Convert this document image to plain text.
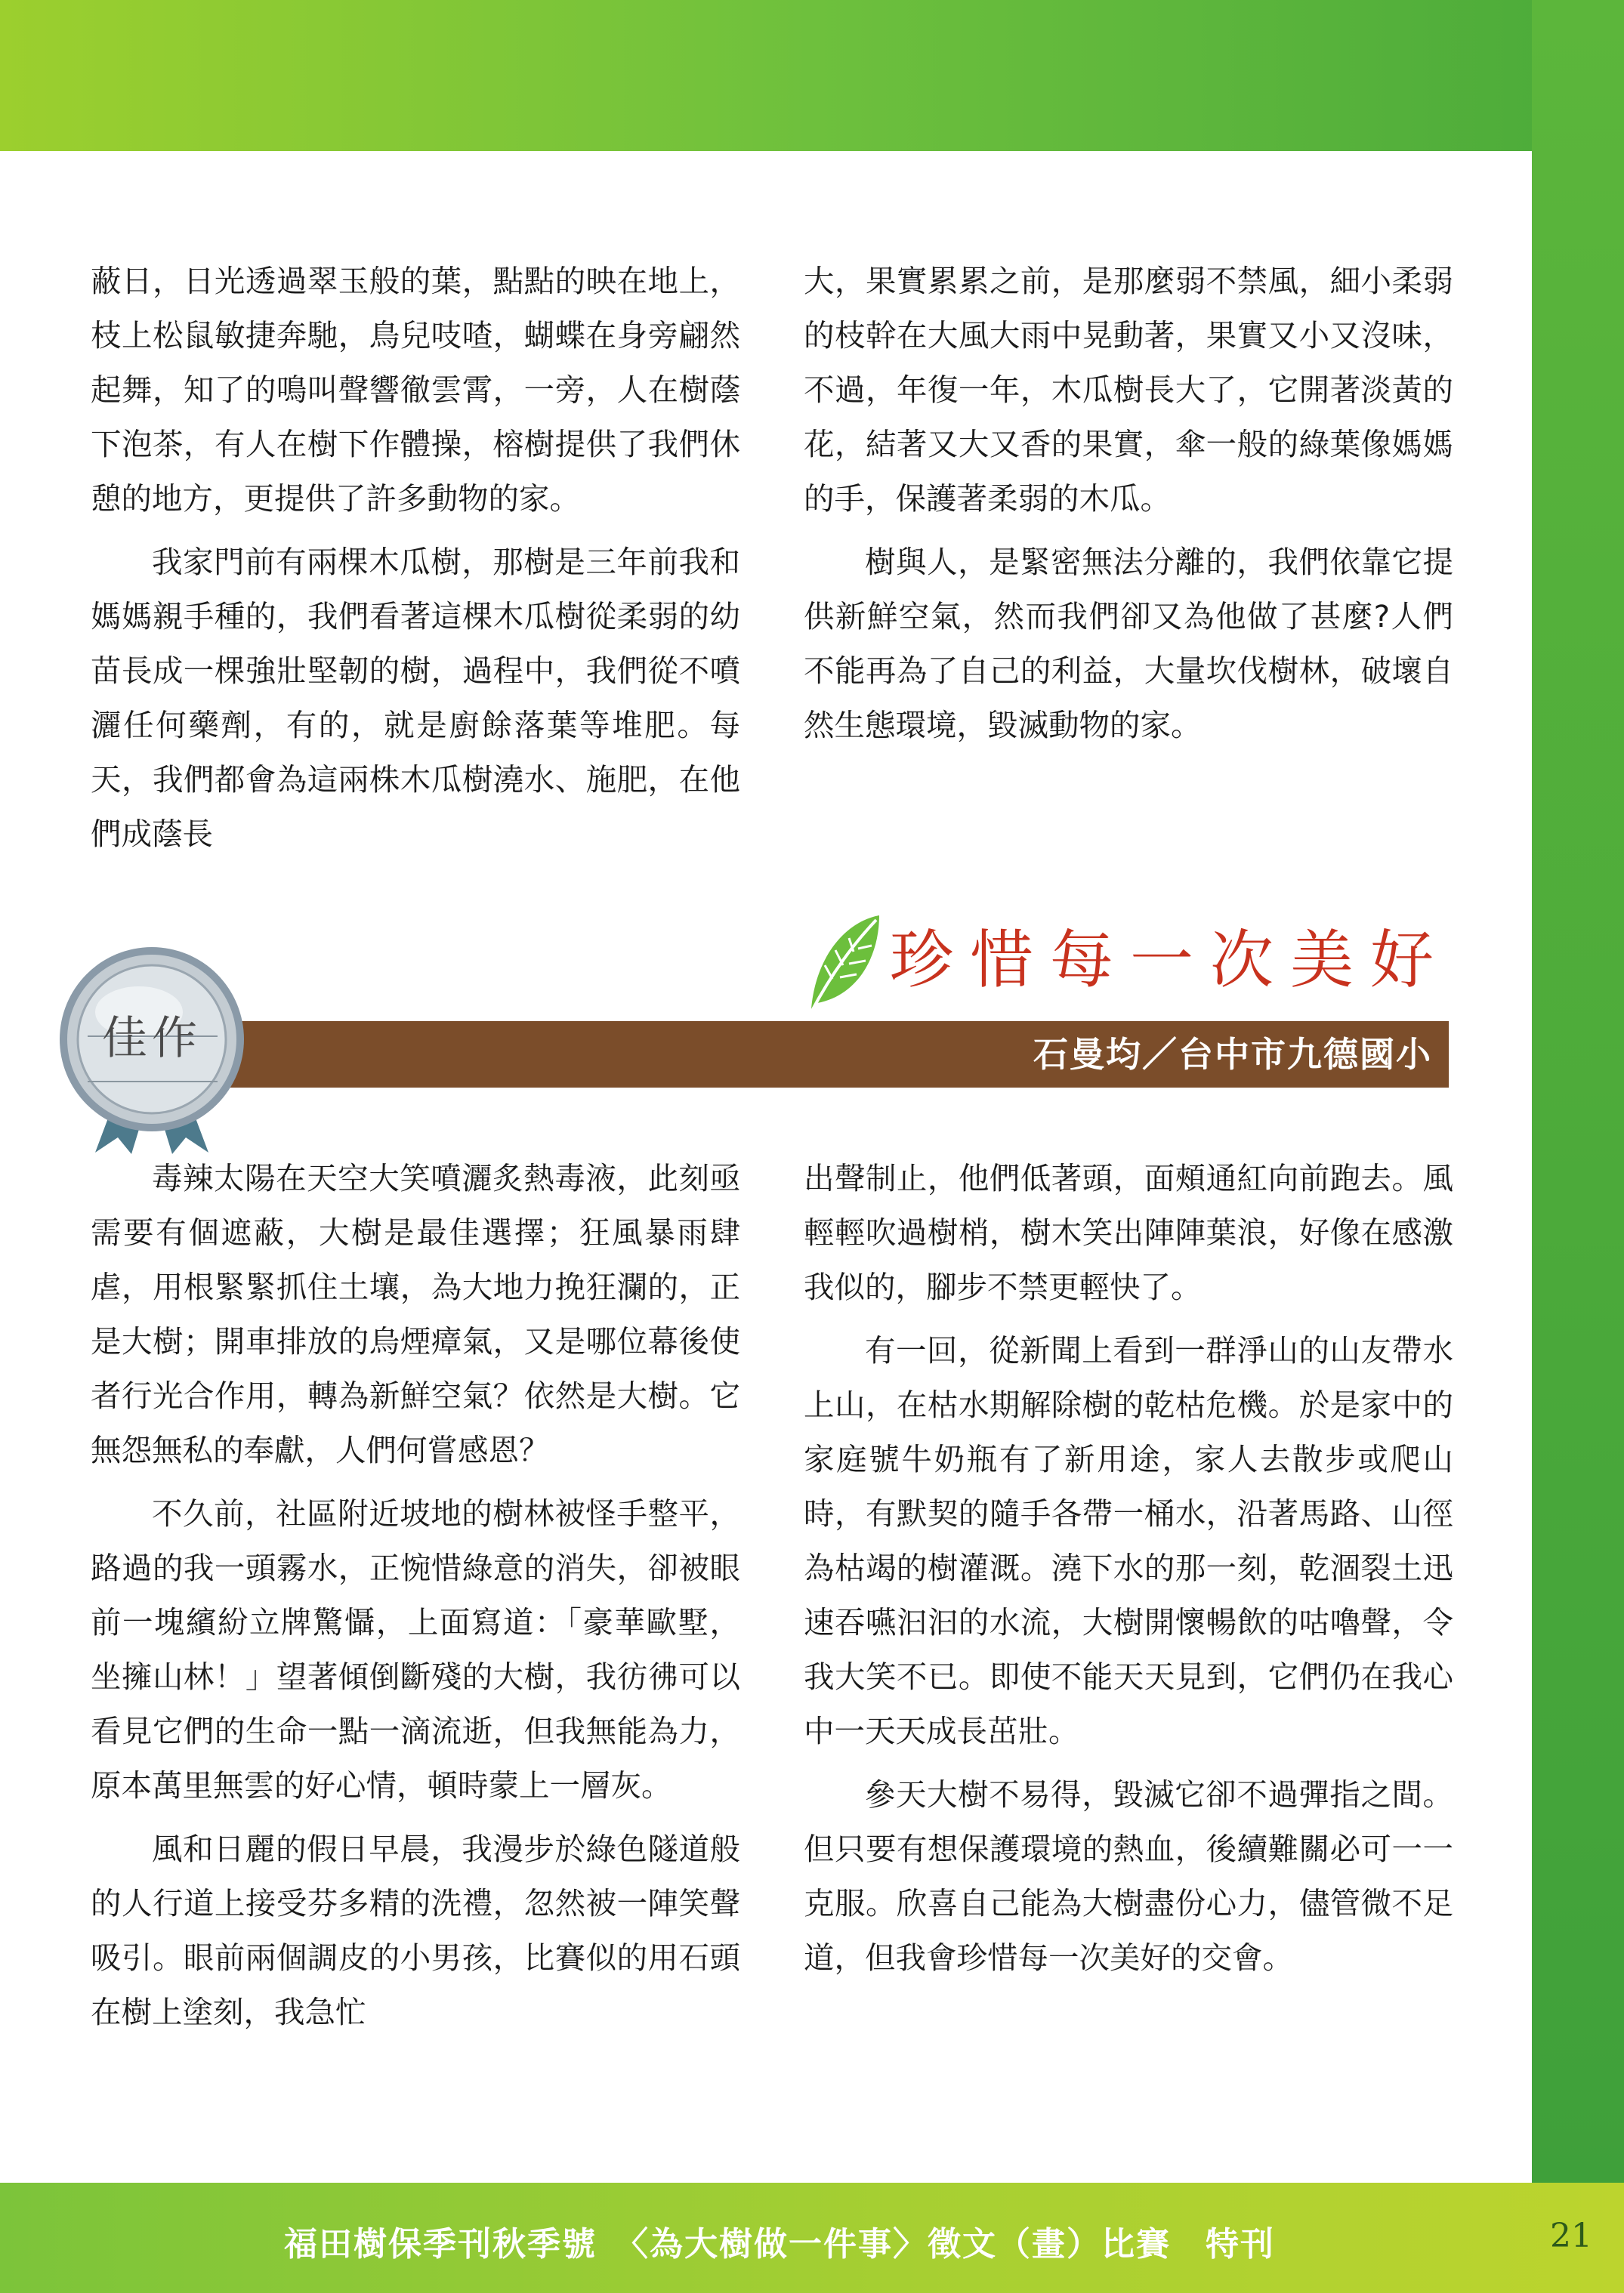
蔽日，日光透過翠玉般的葉，點點的映在地上，枝上松鼠敏捷奔馳，鳥兒吱喳，蝴蝶在身旁翩然起舞，知了的鳴叫聲響徹雲霄，一旁，人在樹蔭下泡茶，有人在樹下作體操，榕樹提供了我們休憩的地方，更提供了許多動物的家。

我家門前有兩棵木瓜樹，那樹是三年前我和媽媽親手種的，我們看著這棵木瓜樹從柔弱的幼苗長成一棵強壯堅韌的樹，過程中，我們從不噴灑任何藥劑，有的，就是廚餘落葉等堆肥。每天，我們都會為這兩株木瓜樹澆水、施肥，在他們成蔭長

大，果實累累之前，是那麼弱不禁風，細小柔弱的枝幹在大風大雨中晃動著，果實又小又沒味，不過，年復一年，木瓜樹長大了，它開著淡黃的花，結著又大又香的果實，傘一般的綠葉像媽媽的手，保護著柔弱的木瓜。

樹與人，是緊密無法分離的，我們依靠它提供新鮮空氣，然而我們卻又為他做了甚麼?人們不能再為了自己的利益，大量坎伐樹林，破壞自然生態環境，毀滅動物的家。

石曼均／台中市九德國小
珍惜每一次美好
佳作

毒辣太陽在天空大笑噴灑炙熱毒液，此刻亟需要有個遮蔽，大樹是最佳選擇；狂風暴雨肆虐，用根緊緊抓住土壤，為大地力挽狂瀾的，正是大樹；開車排放的烏煙瘴氣，又是哪位幕後使者行光合作用，轉為新鮮空氣？依然是大樹。它無怨無私的奉獻，人們何嘗感恩？

不久前，社區附近坡地的樹林被怪手整平，路過的我一頭霧水，正惋惜綠意的消失，卻被眼前一塊繽紛立牌驚懾，上面寫道：「豪華歐墅，坐擁山林！」望著傾倒斷殘的大樹，我彷彿可以看見它們的生命一點一滴流逝，但我無能為力，原本萬里無雲的好心情，頓時蒙上一層灰。

風和日麗的假日早晨，我漫步於綠色隧道般的人行道上接受芬多精的洗禮，忽然被一陣笑聲吸引。眼前兩個調皮的小男孩，比賽似的用石頭在樹上塗刻，我急忙

出聲制止，他們低著頭，面頰通紅向前跑去。風輕輕吹過樹梢，樹木笑出陣陣葉浪，好像在感激我似的，腳步不禁更輕快了。

有一回，從新聞上看到一群淨山的山友帶水上山，在枯水期解除樹的乾枯危機。於是家中的家庭號牛奶瓶有了新用途，家人去散步或爬山時，有默契的隨手各帶一桶水，沿著馬路、山徑為枯竭的樹灌溉。澆下水的那一刻，乾涸裂土迅速吞嚥汩汩的水流，大樹開懷暢飲的咕嚕聲，令我大笑不已。即使不能天天見到，它們仍在我心中一天天成長茁壯。

參天大樹不易得，毀滅它卻不過彈指之間。但只要有想保護環境的熱血，後續難關必可一一克服。欣喜自己能為大樹盡份心力，儘管微不足道，但我會珍惜每一次美好的交會。

福田樹保季刊秋季號　〈為大樹做一件事〉徵文（畫）比賽　特刊	21
